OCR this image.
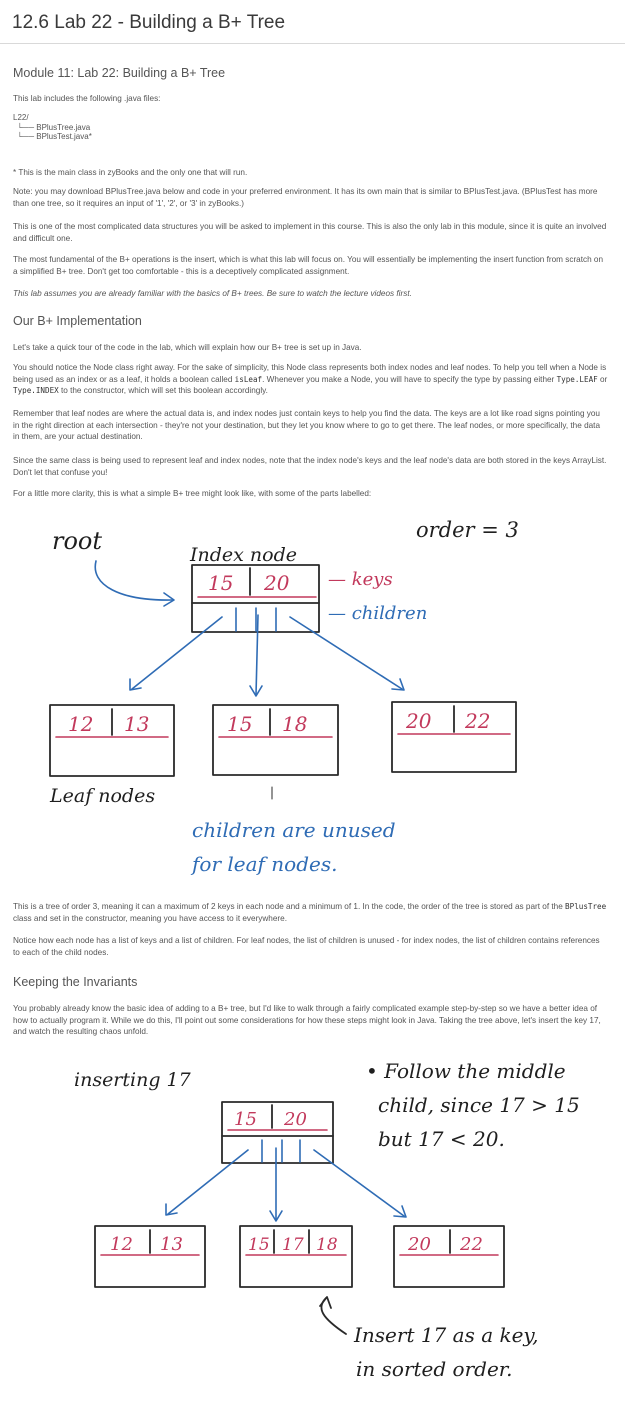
12.6 Lab 22 - Building a B+ Tree
Module 11: Lab 22: Building a B+ Tree

This lab includes the following .java files:

L22/
└── BPlusTree.java
└── BPlusTest.java*

* This is the main class in zyBooks and the only one that will run.

Note: you may download BPlusTree.java below and code in your preferred environment. It has its own main that is similar to BPlusTest.java. (BPlusTest has more than one tree, so it requires an input of '1', '2', or '3' in zyBooks.)

This is one of the most complicated data structures you will be asked to implement in this course. This is also the only lab in this module, since it is quite an involved and difficult one.

The most fundamental of the B+ operations is the insert, which is what this lab will focus on. You will essentially be implementing the insert function from scratch on a simplified B+ tree. Don't get too comfortable - this is a deceptively complicated assignment.

This lab assumes you are already familiar with the basics of B+ trees. Be sure to watch the lecture videos first.

Our B+ Implementation

Let's take a quick tour of the code in the lab, which will explain how our B+ tree is set up in Java.

You should notice the Node class right away. For the sake of simplicity, this Node class represents both index nodes and leaf nodes. To help you tell when a Node is being used as an index or as a leaf, it holds a boolean called isLeaf. Whenever you make a Node, you will have to specify the type by passing either Type.LEAF or Type.INDEX to the constructor, which will set this boolean accordingly.

Remember that leaf nodes are where the actual data is, and index nodes just contain keys to help you find the data. The keys are a lot like road signs pointing you in the right direction at each intersection - they're not your destination, but they let you know where to go to get there. The leaf nodes, or more specifically, the data in them, are your actual destination.

Since the same class is being used to represent leaf and index nodes, note that the index node's keys and the leaf node's data are both stored in the keys ArrayList. Don't let that confuse you!

For a little more clarity, this is what a simple B+ tree might look like, with some of the parts labelled:

root	Index node
order = 3
15 20 — keys
— children
12 13	15 18	20 22
Leaf nodes
children are unused
for leaf nodes.

This is a tree of order 3, meaning it can a maximum of 2 keys in each node and a minimum of 1. In the code, the order of the tree is stored as part of the BPlusTree class and set in the constructor, meaning you have access to it everywhere.

Notice how each node has a list of keys and a list of children. For leaf nodes, the list of children is unused - for index nodes, the list of children contains references to each of the child nodes.

Keeping the Invariants

You probably already know the basic idea of adding to a B+ tree, but I'd like to walk through a fairly complicated example step-by-step so we have a better idea of how to actually program it. While we do this, I'll point out some considerations for how these steps might look in Java. Taking the tree above, let's insert the key 17, and watch the resulting chaos unfold.

inserting 17	• Follow the middle
child, since 17 > 15
but 17 < 20.
15 20
12 13	15 17 18	20 22
Insert 17 as a key,
in sorted order.
